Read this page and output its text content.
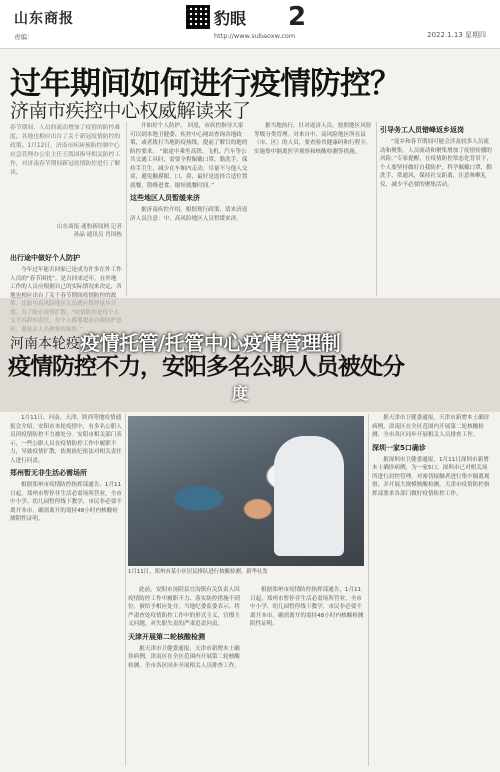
山东商报	豹眼 2
责编：	http://www.subaoxw.com	2022.1.13 星期四
过年期间如何进行疫情防控？
济南市疾控中心权威解读来了
春节期间，人员的流动增加了疫情的防控难度。各地也相应出台了关于新冠疫情防控的政策。1月12日，济南市疾病预防控制中心应急管理办公室主任王凯国指导相关防控工作，对济南春节期间新冠疫情防控进行了解读。
山东商报·速豹新闻网 记者 孙晶 通讯员 肖国栋
出行途中做好个人防护
今年过年能否回家已是成为许多在外工作人员的“春节困扰”。是否回来过年，在外地工作的人员应根据自己的实际情况来决定，各地也相应出台了关于春节期间疫情防控的政
开如好个人防护。 回返，市疾控指导大家可以到本地卫健委、疾控中心网站查询各地政策，或者拨打当地防疫热线，提前了解目的地的防控要求。 “旅途中乘坐高铁、飞机、汽车等公共交通工具时，需要全程佩戴口罩，勤洗手，保持手卫生，减少在车厢内走动，尽量不与他人交谈，避免触摸眼、口、鼻，最好是选择合适位置就餐，错峰进食，缩短就餐时间。”
这些地区人员暂缓来济
据济南疾控介绍，根据现行政策，请来济返济人员注意：中、高风险地区人员暂缓来济。
据当地执行，针对返济人员，按照地区风险等级分类管理。对来自中、高风险地区所在县（市、区）的人员，要查验其健康码和行程卡，实施集中隔离医学观察和核酸检测等措施。
引导务工人员错峰返乡返岗
“返乡和春节期间可能会涉及较多人员流动和聚集。人员流动和聚集增加了疫情传播的风险。”专家提醒，在疫情防控常态化背景下，个人要坚持做好自我防护，科学佩戴口罩，勤洗手、常通风，保持社交距离，注意咳嗽礼仪，减少不必要的聚集活动。
河南本轮疫
疫情防控不力，安阳多名公职人员被处分
疫情托管/托管中心疫情管理制
度
1月11日，河南、天津、陕西等地疫情通报会介绍，安阳市本轮疫情中，有多名公职人员因疫情防控不力被处分。安阳市相关部门表示，一些公职人员在疫情防控工作中履职不力，导致疫情扩散，依规依纪依法对相关责任人进行问责。
郑州暂无非生活必需场所
根据郑州市疫情防控指挥部通告，1月11日起，郑州市暂停非生活必需场所营业，全市中小学、幼儿园暂停线下教学，市民非必要不离开本市，确需离开的需持48小时内核酸检测阴性证明。
1月11日，郑州市某小区居民排队进行核酸检测。新华社发
此前，安阳市汤阴县宜沟镇有关负责人因疫情防控工作中履职不力、落实防控措施不到位，被给予相应处分。当地纪委监委表示，将严肃查处疫情防控工作中的形式主义、官僚主义问题，对失职失责的严肃追责问责。
天津开展第二轮核酸检测
据天津市卫健委通报，天津市新增本土确诊病例，津南区在全区范围内开展第二轮核酸检测，全市各区同步开展相关人员排查工作。
根据郑州市疫情防控指挥部通告，1月11日起，郑州市暂停非生活必需场所营业，全市中小学、幼儿园暂停线下教学，市民非必要不离开本市，确需离开的需持48小时内核酸检测阴性证明。
据天津市卫健委通报，天津市新增本土确诊病例，津南区在全区范围内开展第二轮核酸检测，全市各区同步开展相关人员排查工作。
深圳一家5口确诊
据深圳市卫健委通报，1月11日深圳市新增本土确诊病例，为一家5口。深圳市已对相关场所进行封控管理，对密切接触者进行集中隔离观察，并开展大规模核酸检测。天津市疫情防控指挥部要求各部门做好疫情防控工作。
